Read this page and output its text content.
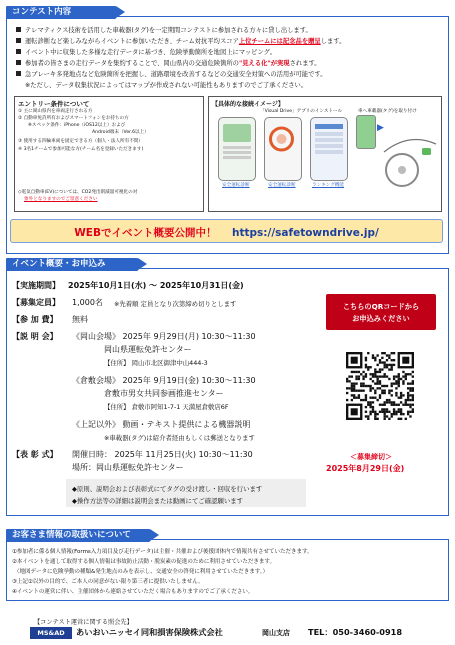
コンテスト内容
テレマティクス技術を活用した車載器(タグ)を一定期間コンテストに参加される方々に貸し出します。
運転診断など楽しみながらイベントに参加いただき、チーム対抗平均スコア上位チームには記念品を贈呈します。
イベント中に収集した多様な走行データに基づき、危険挙動箇所を地図上にマッピング。
参加者の皆さまの走行データを集約することで、岡山県内の交通危険箇所の"見える化"が実現されます。
急ブレーキ多発地点など危険箇所を把握し、道路環境を改善するなどの交通安全対策への活用が可能です。
※ただし、データ収集状況によってはマップが作成されない可能性もありますのでご了承ください。
エントリー条件について
① 主に岡山県内を車両走行される方
② 自動車免許所有およびスマートフォンをお持ちの方
※スペック条件：iPhone（iOS12以上）および
Android端末（Ver.6以上）
③ 使用する四輪車両を固定できる方（個人・法人所有不問）
④ 3名1チームで参加可能な方(チーム名を登録いただきます)
◇電気自動車(EV)については、CO2発出削減量可視化の対
象外となりますのでご留意ください
【具体的な接続イメージ】
「Visual Drive」アプリのインストール	車へ車載器(タグ)を取り付け
▶
安全運転診断	安全運転診断	ランキング機能
WEBでイベント概要公開中！ https://safetowndrive.jp/
イベント概要・お申込み
【実施期間】 2025年10月1日(水) ～ 2025年10月31日(金)
【募集定員】 1,000名 ※先着順 定員となり次第締め切りとします
【参 加 費】 無料
【説 明 会】 《岡山会場》 2025年 9月29日(月) 10:30～11:30
岡山県運転免許センター
【住所】 岡山市北区御津中山444-3
《倉敷会場》 2025年 9月19日(金) 10:30～11:30
倉敷市男女共同参画推進センター
【住所】 倉敷市阿知1-7-1 天満屋倉敷店6F
《上記以外》 動画・テキスト提供による機器説明
※車載器(タグ)は紹介者経由もしくは郵送となります
【表 彰 式】 開催日時： 2025年 11月25日(火) 10:30～11:30
場所：岡山県運転免許センター
◆原則、説明会および表彰式にてタグの受け渡し・回収を行います
◆操作方法等の詳細は説明会または動画にてご確認願います
こちらのQRコードから
お申込みください
＜募集締切＞
2025年8月29日(金)
お客さま情報の取扱いについて
①参加者に係る個人情報(Forms入力項目及び走行データ)は主催・共催および後援団体内で情報共有させていただきます。
②本イベントを通して取得する個人情報は事故防止活動・脱炭素の促進のために利用させていただきます。
（地図データに危険挙動の種類&発生地点のみを表示し、交通安全の啓発に利用させていただきます。）
③上記②以外の目的で、ご本人の同意がない限り第三者に提供いたしません。
④イベントの運営に伴い、主催団体から連絡させていただく場合もありますのでご了承ください。
【コンテスト運営に関する照会先】
MS&AD	あいおいニッセイ同和損害保険株式会社	岡山支店 TEL：050-3460-0918
